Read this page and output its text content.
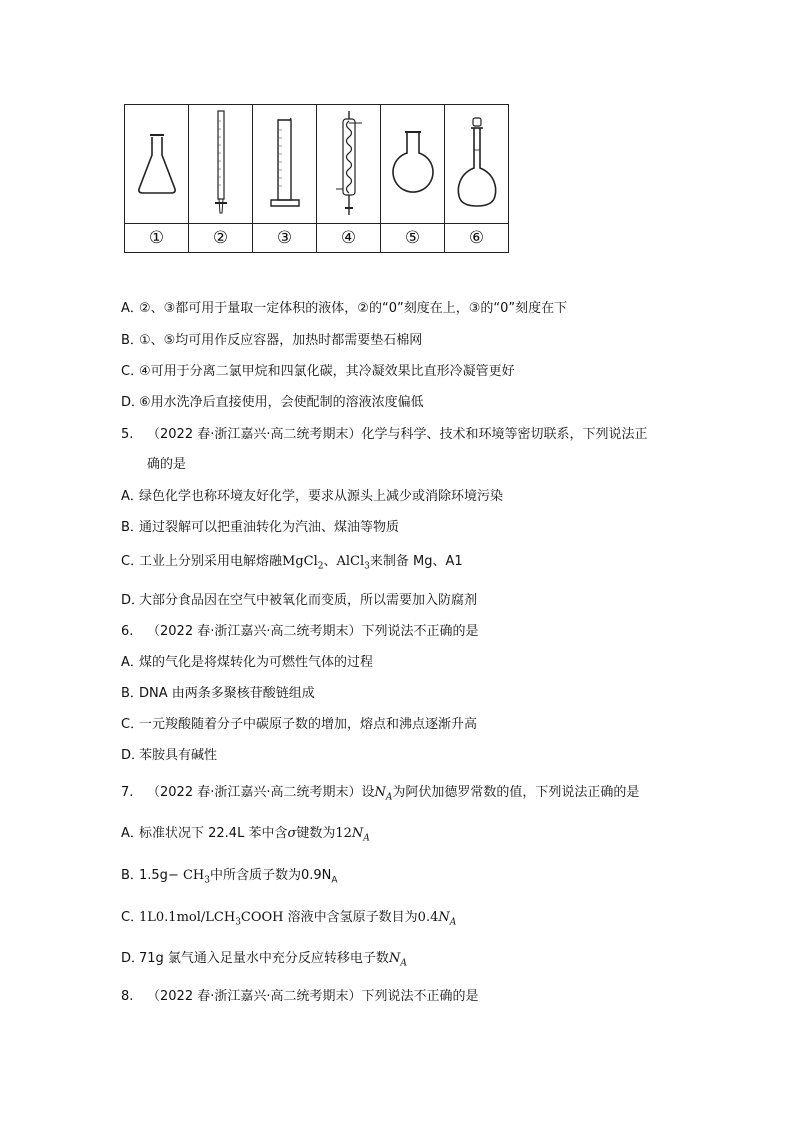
①	②	③	④	⑤	⑥
A．②、③都可用于量取一定体积的液体，②的“0”刻度在上，③的“0”刻度在下
B．①、⑤均可用作反应容器，加热时都需要垫石棉网
C．④可用于分离二氯甲烷和四氯化碳，其冷凝效果比直形冷凝管更好
D．⑥用水洗净后直接使用，会使配制的溶液浓度偏低
5. （2022 春·浙江嘉兴·高二统考期末）化学与科学、技术和环境等密切联系，下列说法正
确的是
A．绿色化学也称环境友好化学，要求从源头上减少或消除环境污染
B．通过裂解可以把重油转化为汽油、煤油等物质
C．工业上分别采用电解熔融MgCl$_2$、AlCl$_3$来制备 Mg、A1
D．大部分食品因在空气中被氧化而变质，所以需要加入防腐剂
6. （2022 春·浙江嘉兴·高二统考期末）下列说法不正确的是
A．煤的气化是将煤转化为可燃性气体的过程
B．DNA 由两条多聚核苷酸链组成
C．一元羧酸随着分子中碳原子数的增加，熔点和沸点逐渐升高
D．苯胺具有碱性
7. （2022 春·浙江嘉兴·高二统考期末）设$N_A$为阿伏加德罗常数的值，下列说法正确的是
A．标准状况下 22.4L 苯中含σ键数为$12N_A$
B．$1.5g- CH_3$中所含质子数为$0.9N_A$
C．$1L0.1mol/LCH_3COOH$ 溶液中含氢原子数目为$0.4N_A$
D．71g 氯气通入足量水中充分反应转移电子数$N_A$
8. （2022 春·浙江嘉兴·高二统考期末）下列说法不正确的是
